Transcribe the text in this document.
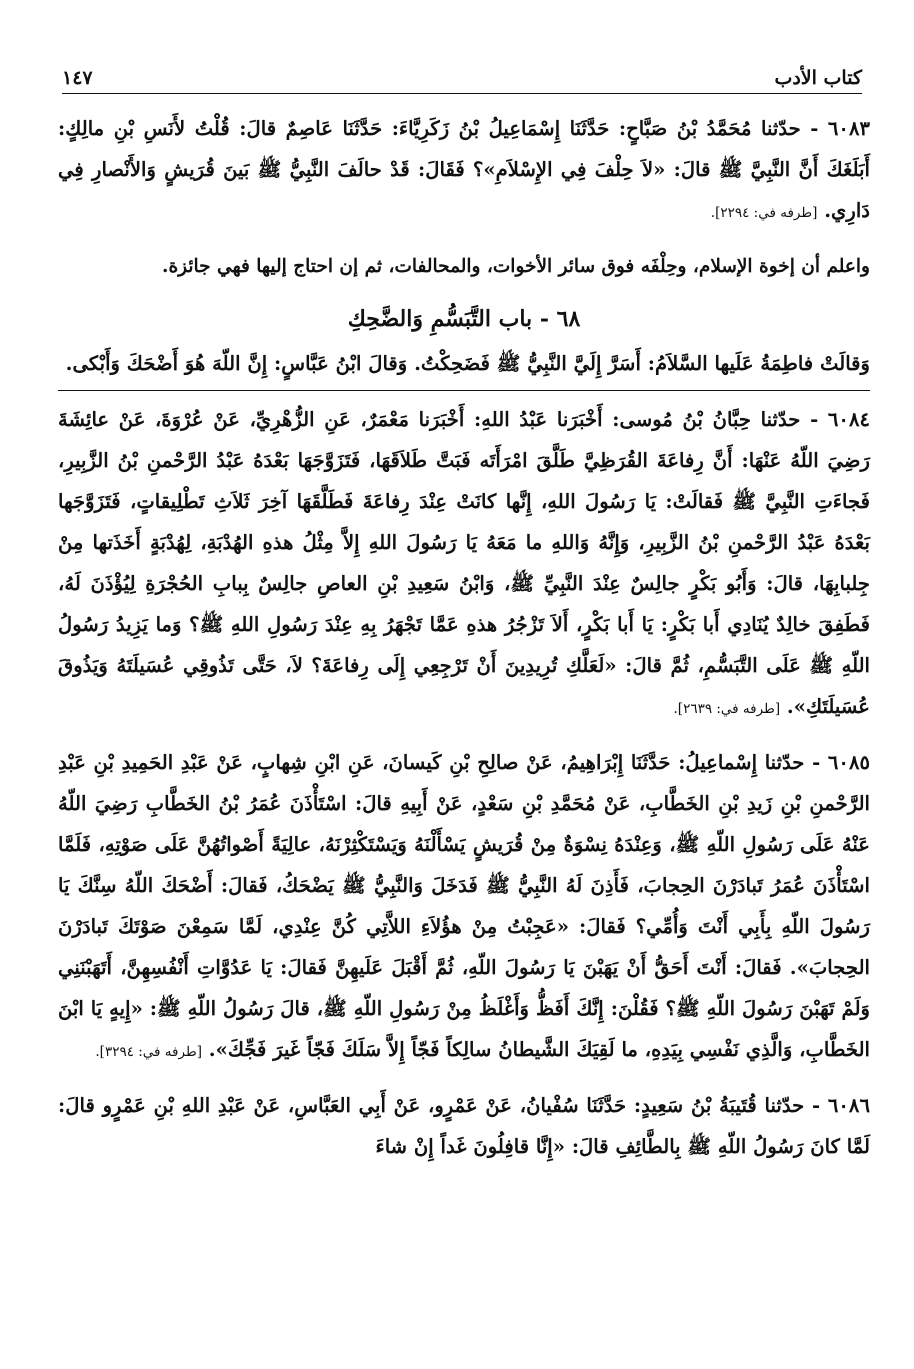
كتاب الأدب
١٤٧

٦٠٨٣ - حدّثنا مُحَمَّدُ بْنُ صَبَّاحٍ: حَدَّثَنَا إِسْمَاعِيلُ بْنُ زَكَرِيَّاءَ: حَدَّثَنَا عَاصِمٌ قالَ: قُلْتُ لأَنَسِ بْنِ مالِكٍ: أَبَلَغَكَ أَنَّ النَّبِيَّ ﷺ قالَ: «لاَ حِلْفَ فِي الإِسْلاَمِ»؟ فَقَالَ: قَدْ حالَفَ النَّبِيُّ ﷺ بَينَ قُرَيشٍ وَالأَنْصارِ فِي دَارِي. [طرفه في: ٢٢٩٤].

واعلم أن إخوة الإسلام، وحِلْفَه فوق سائر الأخوات، والمحالفات، ثم إن احتاج إليها فهي جائزة.

٦٨ - باب التَّبَسُّمِ وَالضَّحِكِ

وَقالَتْ فاطِمَةُ عَلَيها السَّلاَمُ: أَسَرَّ إِلَيَّ النَّبِيُّ ﷺ فَضَحِكْتُ. وَقالَ ابْنُ عَبَّاسٍ: إِنَّ اللّهَ هُوَ أَضْحَكَ وَأَبْكى.

٦٠٨٤ - حدّثنا حِبَّانُ بْنُ مُوسى: أَخْبَرَنا عَبْدُ اللهِ: أَخْبَرَنا مَعْمَرٌ، عَنِ الزُّهْرِيِّ، عَنْ عُرْوَةَ، عَنْ عائِشَةَ رَضِيَ اللّهُ عَنْهَا: أَنَّ رِفاعَةَ القُرَظِيَّ طَلَّقَ امْرَأَتَه فَبَتَّ طَلاَقَهَا، فَتَزَوَّجَهَا بَعْدَهُ عَبْدُ الرَّحْمنِ بْنُ الزَّبِيرِ، فَجاءَتِ النَّبِيَّ ﷺ فَقالَتْ: يَا رَسُولَ اللهِ، إِنَّها كانَتْ عِنْدَ رِفاعَةَ فَطَلَّقَهَا آخِرَ ثَلاَثِ تَطْلِيقاتٍ، فَتَزَوَّجَها بَعْدَهُ عَبْدُ الرَّحْمنِ بْنُ الزَّبِيرِ، وَإِنَّهُ وَاللهِ ما مَعَهُ يَا رَسُولَ اللهِ إِلاَّ مِثْلُ هذهِ الهُدْبَةِ، لِهُدْبَةٍ أَخَذَتها مِنْ جِلبابِهَا، قالَ: وَأَبُو بَكْرٍ جالِسٌ عِنْدَ النَّبِيِّ ﷺ، وَابْنُ سَعِيدِ بْنِ العاصِ جالِسٌ بِبابِ الحُجْرَةِ لِيُؤْذَنَ لَهُ، فَطَفِقَ خالِدٌ يُنَادِي أَبا بَكْرٍ: يَا أَبا بَكْرٍ، أَلاَ تَزْجُرُ هذهِ عَمَّا تَجْهَرُ بِهِ عِنْدَ رَسُولِ اللهِ ﷺ؟ وَما يَزِيدُ رَسُولُ اللّهِ ﷺ عَلَى التَّبَسُّمِ، ثُمَّ قالَ: «لَعَلَّكِ تُرِيدِينَ أَنْ تَرْجِعِي إِلَى رِفاعَةَ؟ لاَ، حَتَّى تَذُوقِي عُسَيلَتَهُ وَيَذُوقَ عُسَيلَتَكِ». [طرفه في: ٢٦٣٩].

٦٠٨٥ - حدّثنا إِسْماعِيلُ: حَدَّثَنَا إِبْرَاهِيمُ، عَنْ صالِحِ بْنِ كَيسانَ، عَنِ ابْنِ شِهابٍ، عَنْ عَبْدِ الحَمِيدِ بْنِ عَبْدِ الرَّحْمنِ بْنِ زَيدِ بْنِ الخَطَّابِ، عَنْ مُحَمَّدِ بْنِ سَعْدٍ، عَنْ أَبِيهِ قالَ: اسْتَأْذَنَ عُمَرُ بْنُ الخَطَّابِ رَضِيَ اللّهُ عَنْهُ عَلَى رَسُولِ اللّهِ ﷺ، وَعِنْدَهُ نِسْوَةٌ مِنْ قُرَيشٍ يَسْأَلْنَهُ وَيَسْتَكْثِرْنَهُ، عالِيَةً أَصْواتُهُنَّ عَلَى صَوْتِهِ، فَلَمَّا اسْتَأْذَنَ عُمَرُ تَبادَرْنَ الحِجابَ، فَأَذِنَ لَهُ النَّبِيُّ ﷺ فَدَخَلَ وَالنَّبِيُّ ﷺ يَضْحَكُ، فَقالَ: أَضْحَكَ اللّهُ سِنَّكَ يَا رَسُولَ اللّهِ بِأَبِي أَنْتَ وَأُمِّي؟ فَقالَ: «عَجِبْتُ مِنْ هؤُلاَءِ اللاَّتِي كُنَّ عِنْدِي، لَمَّا سَمِعْنَ صَوْتَكَ تَبادَرْنَ الحِجابَ». فَقالَ: أَنْتَ أَحَقُّ أَنْ يَهَبْنَ يَا رَسُولَ اللّهِ، ثُمَّ أَقْبَلَ عَلَيهِنَّ فَقالَ: يَا عَدُوَّاتِ أَنْفُسِهِنَّ، أَتَهَبْنَنِي وَلَمْ تَهَبْنَ رَسُولَ اللّهِ ﷺ؟ فَقُلْنَ: إِنَّكَ أَفَظُّ وَأَغْلَظُ مِنْ رَسُولِ اللّهِ ﷺ، قالَ رَسُولُ اللّهِ ﷺ: «إِيهٍ يَا ابْنَ الخَطَّابِ، وَالَّذِي نَفْسِي بِيَدِهِ، ما لَقِيَكَ الشَّيطانُ سالِكاً فَجّاً إِلاَّ سَلَكَ فَجّاً غَيرَ فَجِّكَ». [طرفه في: ٣٢٩٤].

٦٠٨٦ - حدّثنا قُتَيبَةُ بْنُ سَعِيدٍ: حَدَّثَنَا سُفْيانُ، عَنْ عَمْرٍو، عَنْ أَبِي العَبَّاسِ، عَنْ عَبْدِ اللهِ بْنِ عَمْرٍو قالَ: لَمَّا كانَ رَسُولُ اللّهِ ﷺ بِالطَّائِفِ قالَ: «إِنَّا قافِلُونَ غَداً إِنْ شاءَ
